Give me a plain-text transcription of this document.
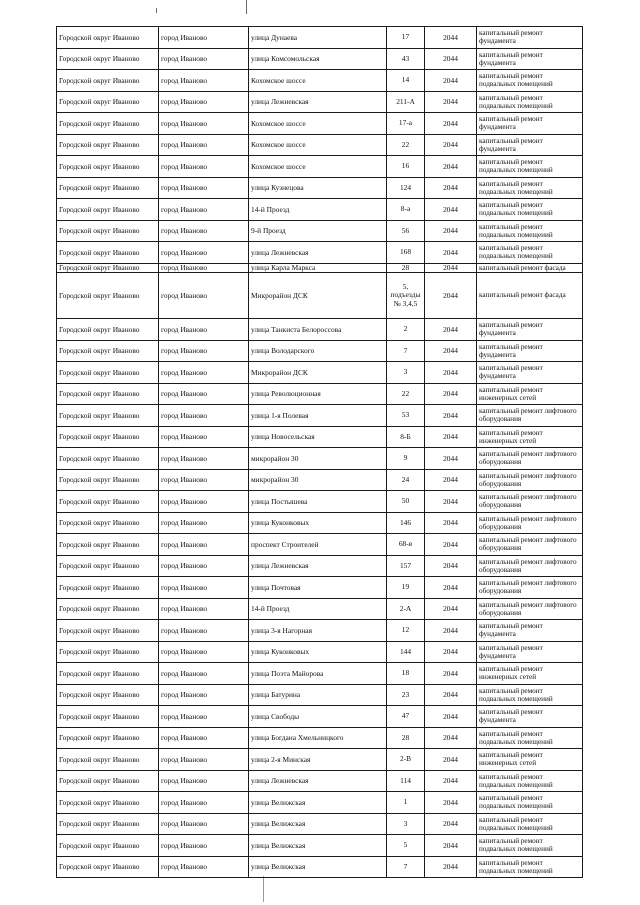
Городской округ Иваново	город Иваново	улица Дунаева	17	2044	капитальный ремонт фундамента
Городской округ Иваново	город Иваново	улица Комсомольская	43	2044	капитальный ремонт фундамента
Городской округ Иваново	город Иваново	Кохомское шоссе	14	2044	капитальный ремонт подвальных помещений
Городской округ Иваново	город Иваново	улица Лежневская	211-А	2044	капитальный ремонт подвальных помещений
Городской округ Иваново	город Иваново	Кохомское шоссе	17-а	2044	капитальный ремонт фундамента
Городской округ Иваново	город Иваново	Кохомское шоссе	22	2044	капитальный ремонт фундамента
Городской округ Иваново	город Иваново	Кохомское шоссе	16	2044	капитальный ремонт подвальных помещений
Городской округ Иваново	город Иваново	улица Кузнецова	124	2044	капитальный ремонт подвальных помещений
Городской округ Иваново	город Иваново	14-й Проезд	8-а	2044	капитальный ремонт подвальных помещений
Городской округ Иваново	город Иваново	9-й Проезд	56	2044	капитальный ремонт подвальных помещений
Городской округ Иваново	город Иваново	улица Лежневская	168	2044	капитальный ремонт подвальных помещений
Городской округ Иваново	город Иваново	улица Карла Маркса	28	2044	капитальный ремонт фасада
Городской округ Иваново	город Иваново	Микрорайон ДСК	5, подъезды № 3,4,5	2044	капитальный ремонт фасада
Городской округ Иваново	город Иваново	улица Танкиста Белороссова	2	2044	капитальный ремонт фундамента
Городской округ Иваново	город Иваново	улица Володарского	7	2044	капитальный ремонт фундамента
Городской округ Иваново	город Иваново	Микрорайон ДСК	3	2044	капитальный ремонт фундамента
Городской округ Иваново	город Иваново	улица Революционная	22	2044	капитальный ремонт инженерных сетей
Городской округ Иваново	город Иваново	улица 1-я Полевая	53	2044	капитальный ремонт лифтового оборудования
Городской округ Иваново	город Иваново	улица Новосельская	8-Б	2044	капитальный ремонт инженерных сетей
Городской округ Иваново	город Иваново	микрорайон 30	9	2044	капитальный ремонт лифтового оборудования
Городской округ Иваново	город Иваново	микрорайон 30	24	2044	капитальный ремонт лифтового оборудования
Городской округ Иваново	город Иваново	улица Постышева	50	2044	капитальный ремонт лифтового оборудования
Городской округ Иваново	город Иваново	улица Куконковых	146	2044	капитальный ремонт лифтового оборудования
Городской округ Иваново	город Иваново	проспект Строителей	68-в	2044	капитальный ремонт лифтового оборудования
Городской округ Иваново	город Иваново	улица Лежневская	157	2044	капитальный ремонт лифтового оборудования
Городской округ Иваново	город Иваново	улица Почтовая	19	2044	капитальный ремонт лифтового оборудования
Городской округ Иваново	город Иваново	14-й Проезд	2-А	2044	капитальный ремонт лифтового оборудования
Городской округ Иваново	город Иваново	улица 3-я Нагорная	12	2044	капитальный ремонт фундамента
Городской округ Иваново	город Иваново	улица Куконковых	144	2044	капитальный ремонт фундамента
Городской округ Иваново	город Иваново	улица Поэта Майорова	18	2044	капитальный ремонт инженерных сетей
Городской округ Иваново	город Иваново	улица Батурина	23	2044	капитальный ремонт подвальных помещений
Городской округ Иваново	город Иваново	улица Свободы	47	2044	капитальный ремонт фундамента
Городской округ Иваново	город Иваново	улица Богдана Хмельницкого	28	2044	капитальный ремонт подвальных помещений
Городской округ Иваново	город Иваново	улица 2-я Минская	2-В	2044	капитальный ремонт инженерных сетей
Городской округ Иваново	город Иваново	улица Лежневская	114	2044	капитальный ремонт подвальных помещений
Городской округ Иваново	город Иваново	улица Велижская	1	2044	капитальный ремонт подвальных помещений
Городской округ Иваново	город Иваново	улица Велижская	3	2044	капитальный ремонт подвальных помещений
Городской округ Иваново	город Иваново	улица Велижская	5	2044	капитальный ремонт подвальных помещений
Городской округ Иваново	город Иваново	улица Велижская	7	2044	капитальный ремонт подвальных помещений
